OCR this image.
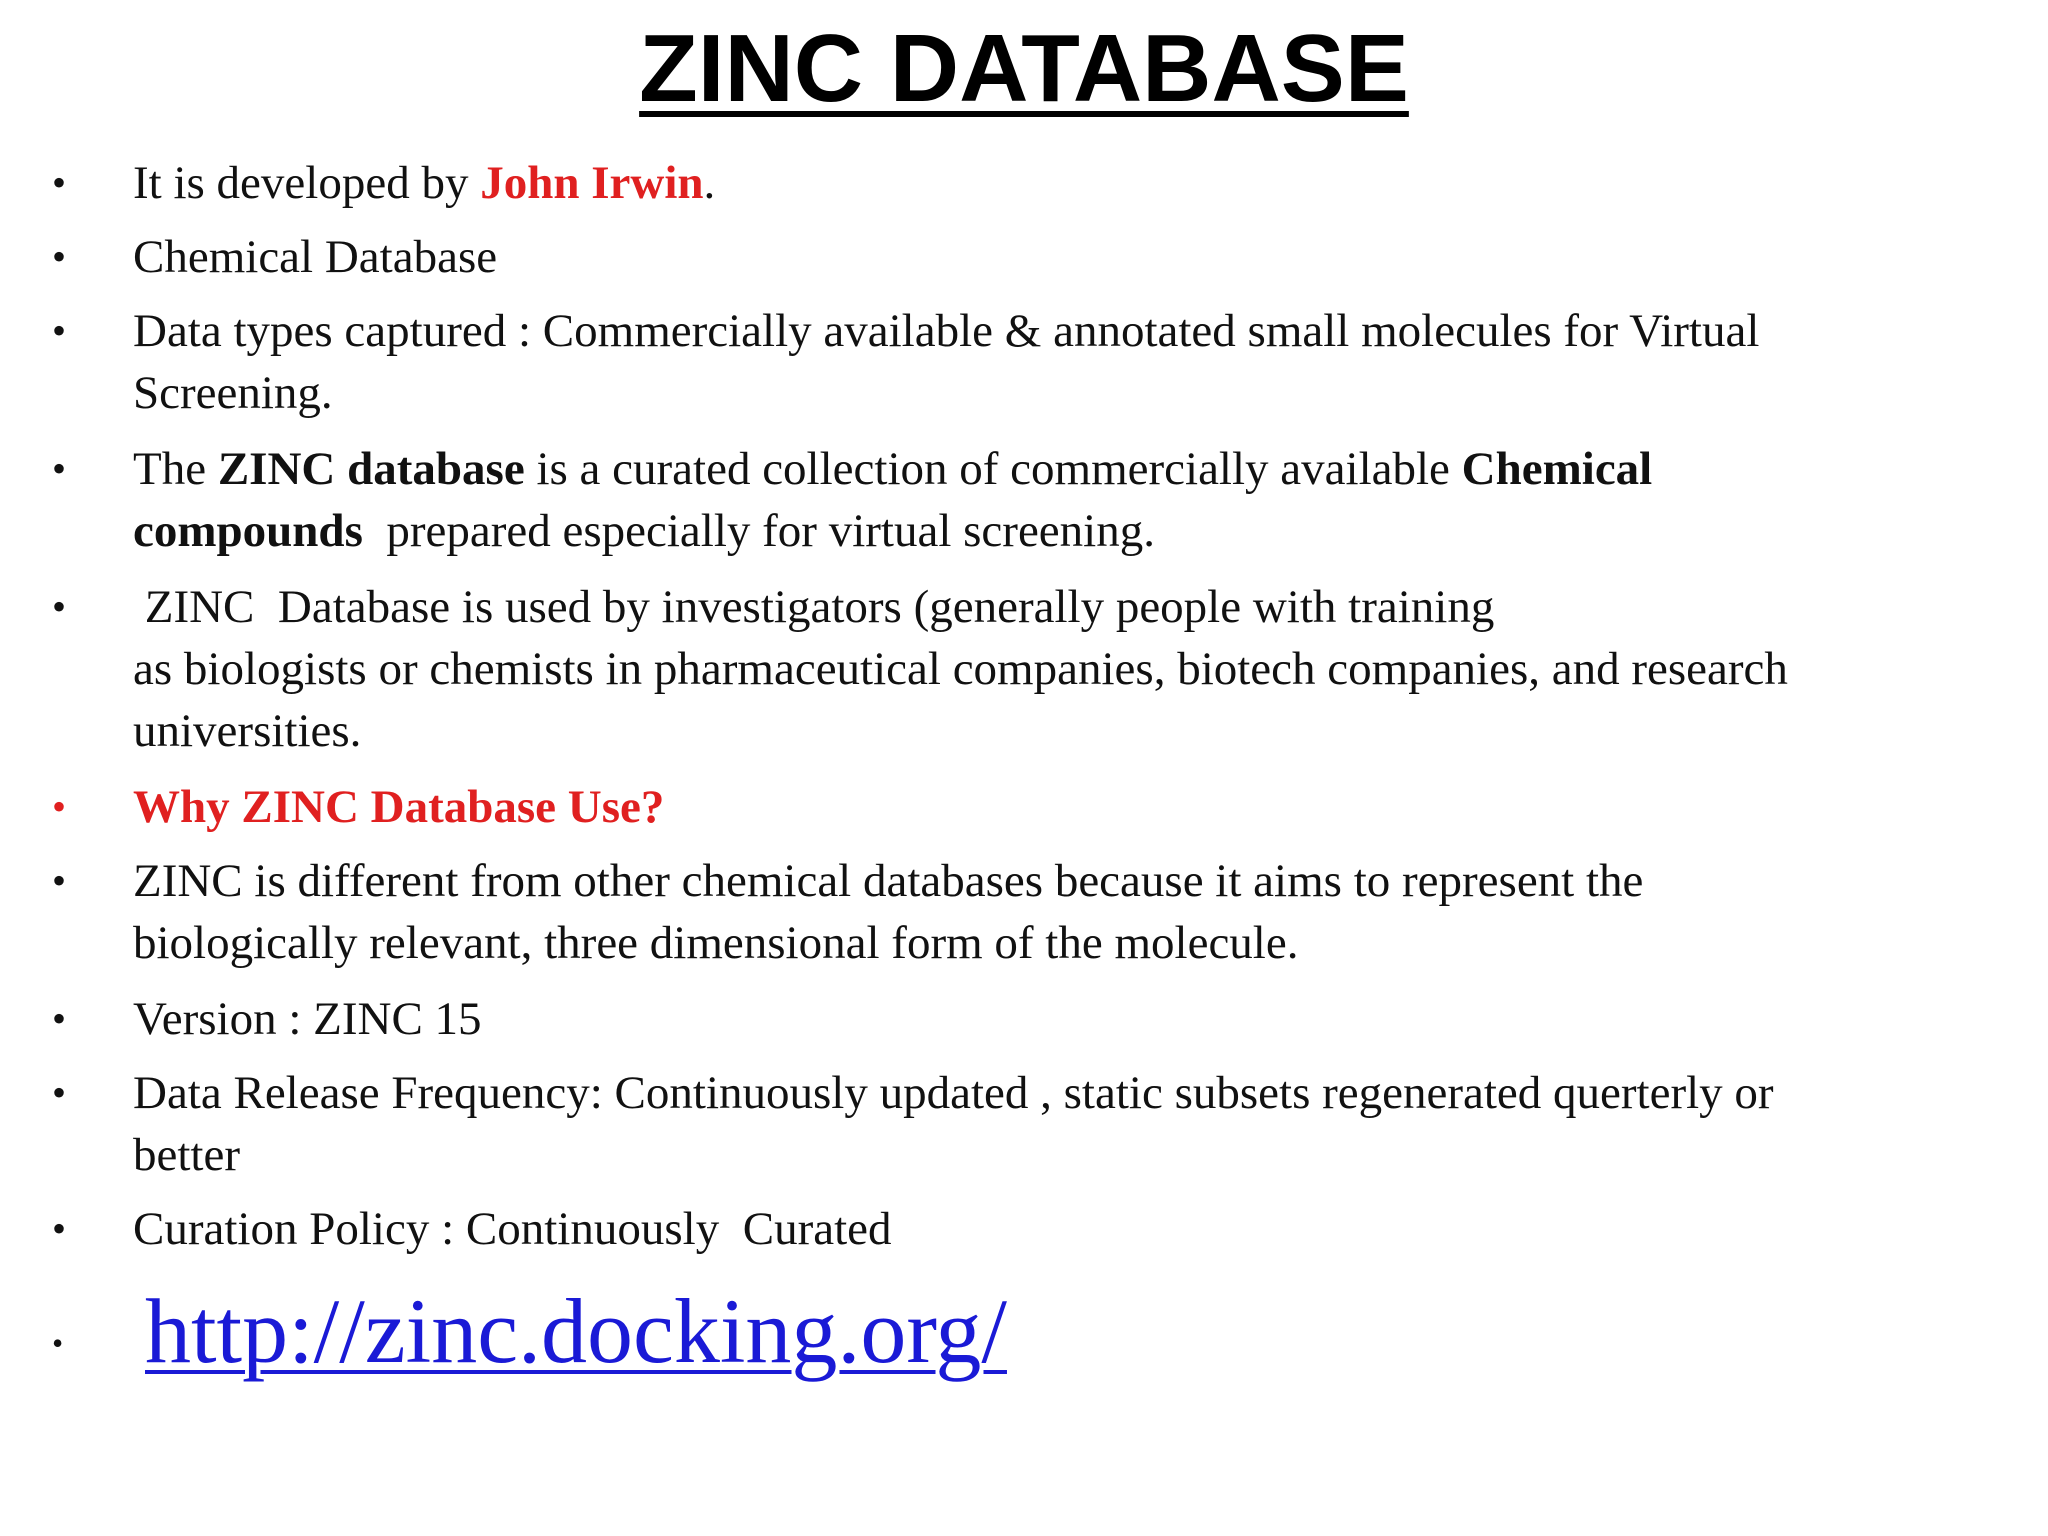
ZINC DATABASE
•	It is developed by John Irwin.
•	Chemical Database
•	Data types captured : Commercially available & annotated small molecules for Virtual
Screening.
•	The ZINC database is a curated collection of commercially available Chemical
compounds  prepared especially for virtual screening.
•	ZINC  Database is used by investigators (generally people with training
as biologists or chemists in pharmaceutical companies, biotech companies, and research
universities.
•	Why ZINC Database Use?
•	ZINC is different from other chemical databases because it aims to represent the
biologically relevant, three dimensional form of the molecule.
•	Version : ZINC 15
•	Data Release Frequency: Continuously updated , static subsets regenerated querterly or
better
•	Curation Policy : Continuously  Curated
• http://zinc.docking.org/
